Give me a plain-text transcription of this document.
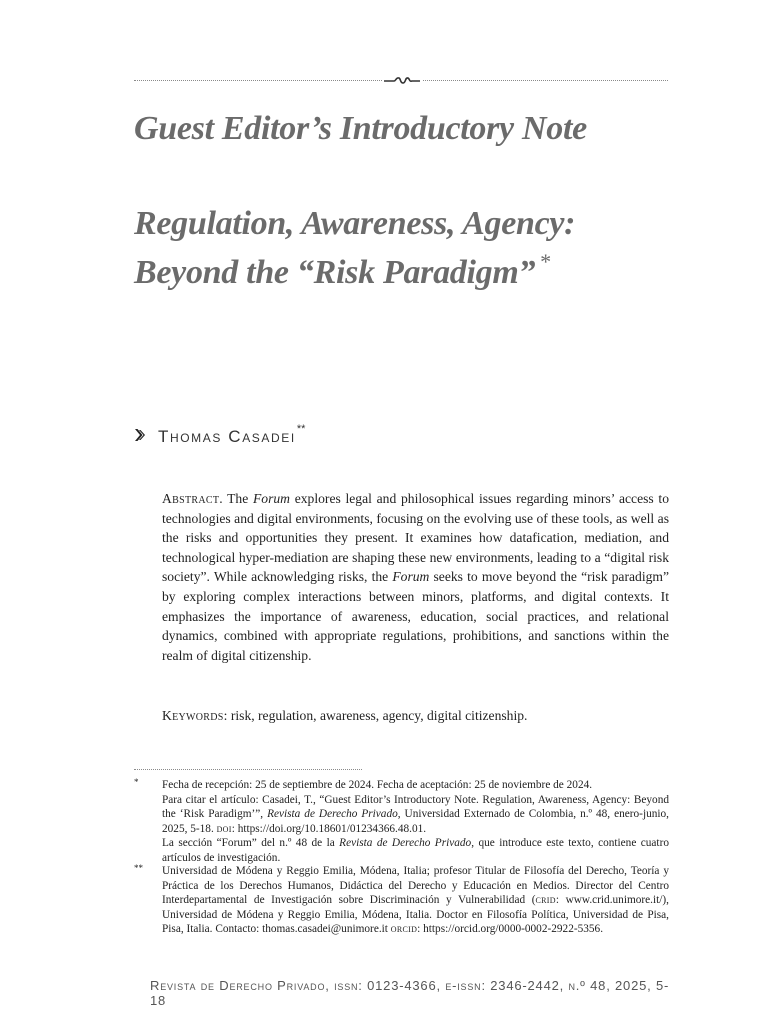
Guest Editor’s Introductory Note
Regulation, Awareness, Agency:
Beyond the “Risk Paradigm” *
Thomas Casadei **

Abstract. The Forum explores legal and philosophical issues regarding minors’ access to technologies and digital environments, focusing on the evolving use of these tools, as well as the risks and opportunities they present. It examines how datafication, mediation, and technological hyper-mediation are shaping these new environments, leading to a “digital risk society”. While acknowledging risks, the Forum seeks to move beyond the “risk paradigm” by exploring complex interactions between minors, platforms, and digital contexts. It emphasizes the importance of awareness, education, social practices, and relational dynamics, combined with appropriate regulations, prohibitions, and sanctions within the realm of digital citizenship.

Keywords: risk, regulation, awareness, agency, digital citizenship.
* Fecha de recepción: 25 de septiembre de 2024. Fecha de aceptación: 25 de noviembre de 2024.

Para citar el artículo: Casadei, T., “Guest Editor’s Introductory Note. Regulation, Awareness, Agency: Beyond the ‘Risk Paradigm’”, Revista de Derecho Privado, Universidad Externado de Colombia, n.º 48, enero-junio, 2025, 5-18. doi: https://doi.org/10.18601/01234366.48.01.

La sección “Forum” del n.º 48 de la Revista de Derecho Privado, que introduce este texto, contiene cuatro artículos de investigación.

** Universidad de Módena y Reggio Emilia, Módena, Italia; profesor Titular de Filosofía del Derecho, Teoría y Práctica de los Derechos Humanos, Didáctica del Derecho y Educación en Medios. Director del Centro Interdepartamental de Investigación sobre Discriminación y Vulnerabilidad (crid: www.crid.unimore.it/), Universidad de Módena y Reggio Emilia, Módena, Italia. Doctor en Filosofía Política, Universidad de Pisa, Pisa, Italia. Contacto: thomas.casadei@unimore.it orcid: https://orcid.org/0000-0002-2922-5356.

Revista de Derecho Privado, issn: 0123-4366, e-issn: 2346-2442, n.º 48, 2025, 5-18
